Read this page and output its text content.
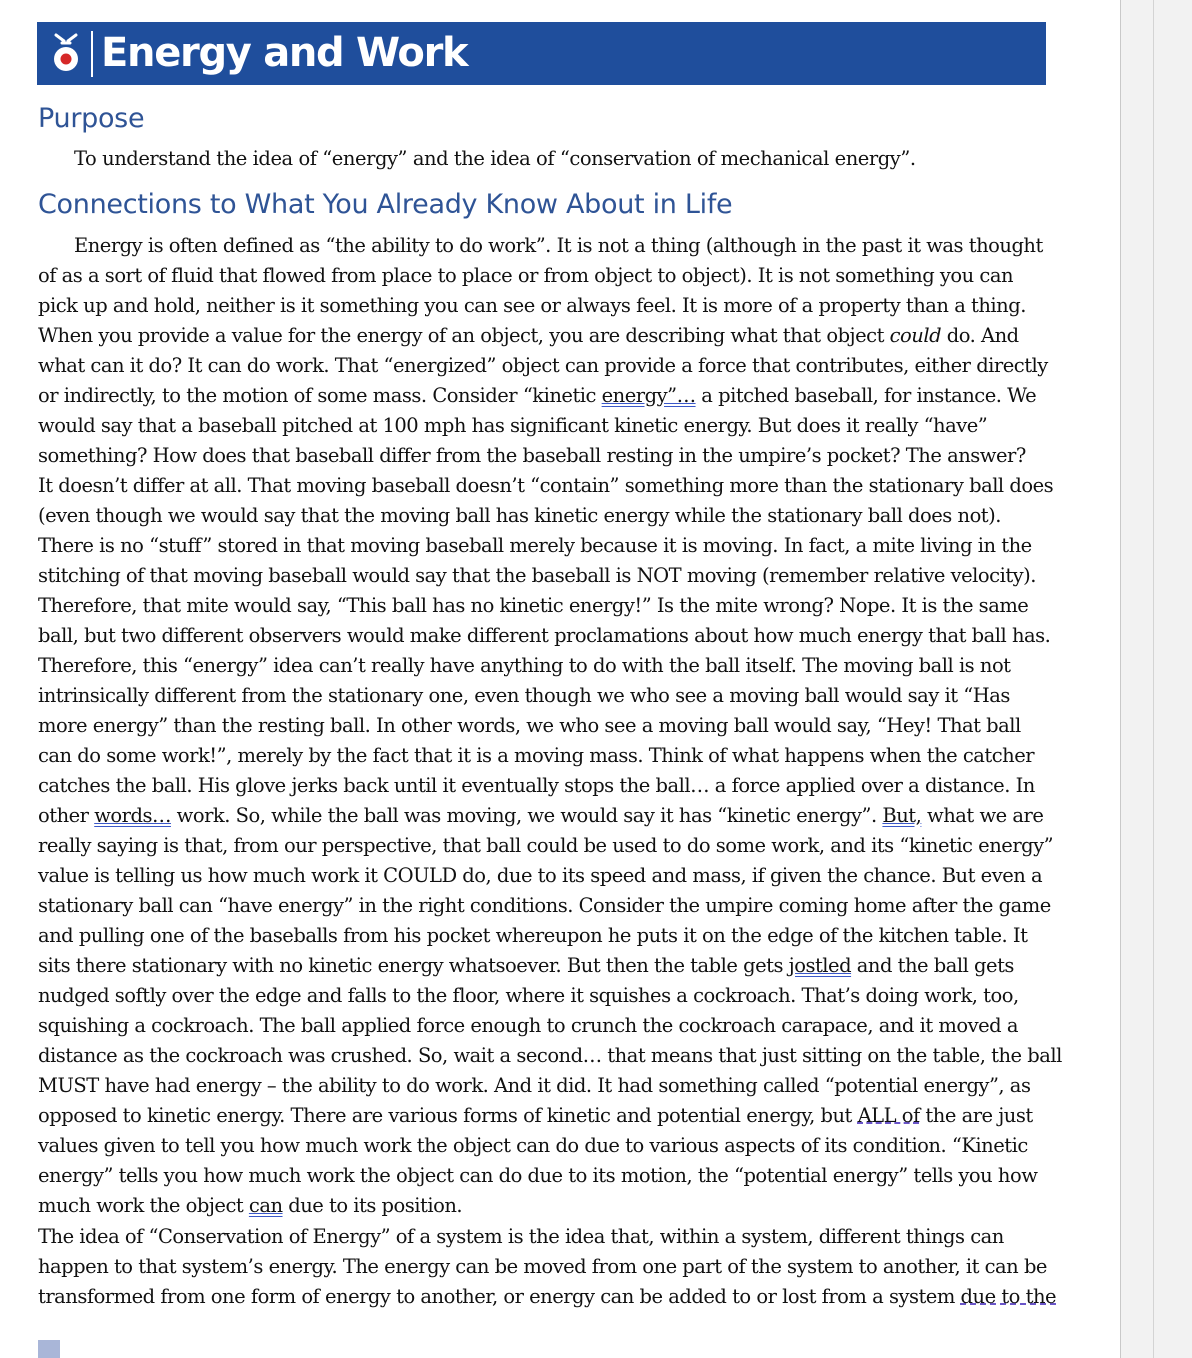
Energy and Work
Purpose
To understand the idea of “energy” and the idea of “conservation of mechanical energy”.
Connections to What You Already Know About in Life
Energy is often defined as “the ability to do work”. It is not a thing (although in the past it was thought
of as a sort of fluid that flowed from place to place or from object to object). It is not something you can
pick up and hold, neither is it something you can see or always feel. It is more of a property than a thing.
When you provide a value for the energy of an object, you are describing what that object could do. And
what can it do? It can do work. That “energized” object can provide a force that contributes, either directly
or indirectly, to the motion of some mass. Consider “kinetic energy”… a pitched baseball, for instance. We
would say that a baseball pitched at 100 mph has significant kinetic energy. But does it really “have”
something? How does that baseball differ from the baseball resting in the umpire’s pocket? The answer?
It doesn’t differ at all. That moving baseball doesn’t “contain” something more than the stationary ball does
(even though we would say that the moving ball has kinetic energy while the stationary ball does not).
There is no “stuff” stored in that moving baseball merely because it is moving. In fact, a mite living in the
stitching of that moving baseball would say that the baseball is NOT moving (remember relative velocity).
Therefore, that mite would say, “This ball has no kinetic energy!” Is the mite wrong? Nope. It is the same
ball, but two different observers would make different proclamations about how much energy that ball has.
Therefore, this “energy” idea can’t really have anything to do with the ball itself. The moving ball is not
intrinsically different from the stationary one, even though we who see a moving ball would say it “Has
more energy” than the resting ball. In other words, we who see a moving ball would say, “Hey! That ball
can do some work!”, merely by the fact that it is a moving mass. Think of what happens when the catcher
catches the ball. His glove jerks back until it eventually stops the ball… a force applied over a distance. In
other words… work. So, while the ball was moving, we would say it has “kinetic energy”. But, what we are
really saying is that, from our perspective, that ball could be used to do some work, and its “kinetic energy”
value is telling us how much work it COULD do, due to its speed and mass, if given the chance. But even a
stationary ball can “have energy” in the right conditions. Consider the umpire coming home after the game
and pulling one of the baseballs from his pocket whereupon he puts it on the edge of the kitchen table. It
sits there stationary with no kinetic energy whatsoever. But then the table gets jostled and the ball gets
nudged softly over the edge and falls to the floor, where it squishes a cockroach. That’s doing work, too,
squishing a cockroach. The ball applied force enough to crunch the cockroach carapace, and it moved a
distance as the cockroach was crushed. So, wait a second… that means that just sitting on the table, the ball
MUST have had energy – the ability to do work. And it did. It had something called “potential energy”, as
opposed to kinetic energy. There are various forms of kinetic and potential energy, but ALL of the are just
values given to tell you how much work the object can do due to various aspects of its condition. “Kinetic
energy” tells you how much work the object can do due to its motion, the “potential energy” tells you how
much work the object can due to its position.
The idea of “Conservation of Energy” of a system is the idea that, within a system, different things can
happen to that system’s energy. The energy can be moved from one part of the system to another, it can be
transformed from one form of energy to another, or energy can be added to or lost from a system due to the
